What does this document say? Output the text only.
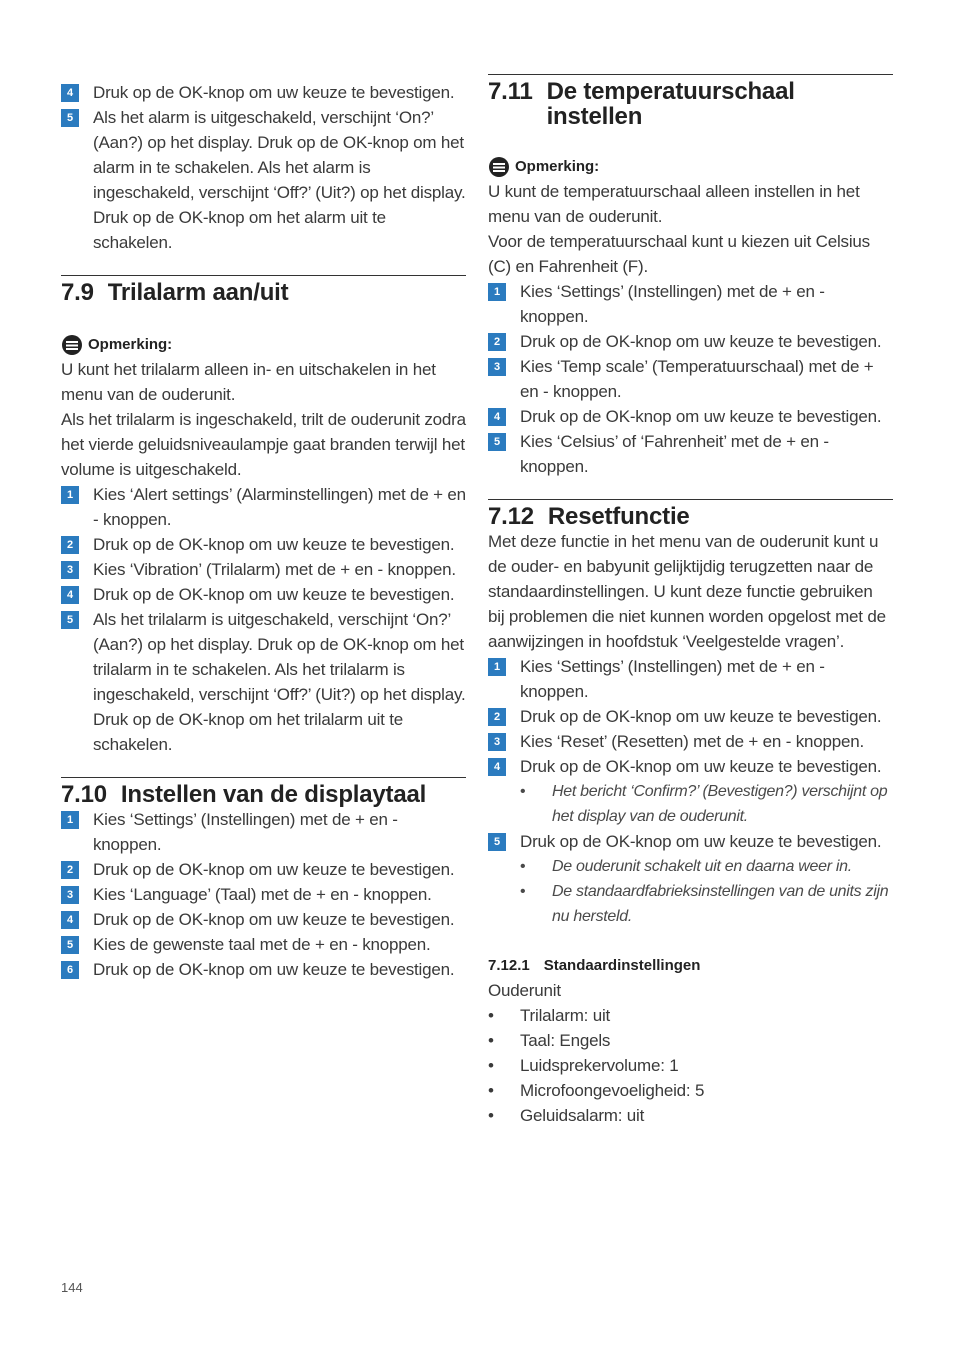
4	Druk op de OK-knop om uw keuze te bevestigen.
5	Als het alarm is uitgeschakeld, verschijnt ‘On?’ (Aan?) op het display. Druk op de OK-knop om het alarm in te schakelen. Als het alarm is ingeschakeld, verschijnt ‘Off?’ (Uit?) op het display. Druk op de OK-knop om het alarm uit te schakelen.
7.9 Trilalarm aan/uit
Opmerking:

U kunt het trilalarm alleen in- en uitschakelen in het menu van de ouderunit.

Als het trilalarm is ingeschakeld, trilt de ouderunit zodra het vierde geluidsniveaulampje gaat branden terwijl het volume is uitgeschakeld.

1	Kies ‘Alert settings’ (Alarminstellingen) met de + en - knoppen.
2	Druk op de OK-knop om uw keuze te bevestigen.
3	Kies ‘Vibration’ (Trilalarm) met de + en - knoppen.
4	Druk op de OK-knop om uw keuze te bevestigen.
5	Als het trilalarm is uitgeschakeld, verschijnt ‘On?’ (Aan?) op het display. Druk op de OK-knop om het trilalarm in te schakelen. Als het trilalarm is ingeschakeld, verschijnt ‘Off?’ (Uit?) op het display. Druk op de OK-knop om het trilalarm uit te schakelen.
7.10 Instellen van de displaytaal
1	Kies ‘Settings’ (Instellingen) met de + en - knoppen.
2	Druk op de OK-knop om uw keuze te bevestigen.
3	Kies ‘Language’ (Taal) met de + en - knoppen.
4	Druk op de OK-knop om uw keuze te bevestigen.
5	Kies de gewenste taal met de + en - knoppen.
6	Druk op de OK-knop om uw keuze te bevestigen.
7.11 De temperatuurschaal instellen
Opmerking:

U kunt de temperatuurschaal alleen instellen in het menu van de ouderunit.

Voor de temperatuurschaal kunt u kiezen uit Celsius (C) en Fahrenheit (F).

1	Kies ‘Settings’ (Instellingen) met de + en - knoppen.
2	Druk op de OK-knop om uw keuze te bevestigen.
3	Kies ‘Temp scale’ (Temperatuurschaal) met de + en - knoppen.
4	Druk op de OK-knop om uw keuze te bevestigen.
5	Kies ‘Celsius’ of ‘Fahrenheit’ met de + en - knoppen.
7.12 Resetfunctie

Met deze functie in het menu van de ouderunit kunt u de ouder- en babyunit gelijktijdig terugzetten naar de standaardinstellingen. U kunt deze functie gebruiken bij problemen die niet kunnen worden opgelost met de aanwijzingen in hoofdstuk ‘Veelgestelde vragen’.

1	Kies ‘Settings’ (Instellingen) met de + en - knoppen.
2	Druk op de OK-knop om uw keuze te bevestigen.
3	Kies ‘Reset’ (Resetten) met de + en - knoppen.
4	Druk op de OK-knop om uw keuze te bevestigen.
•	Het bericht ‘Confirm?’ (Bevestigen?) verschijnt op het display van de ouderunit.
5	Druk op de OK-knop om uw keuze te bevestigen.
•	De ouderunit schakelt uit en daarna weer in.
•	De standaardfabrieksinstellingen van de units zijn nu hersteld.
7.12.1 Standaardinstellingen

Ouderunit

•	Trilalarm: uit
•	Taal: Engels
•	Luidsprekervolume: 1
•	Microfoongevoeligheid: 5
•	Geluidsalarm: uit
144
